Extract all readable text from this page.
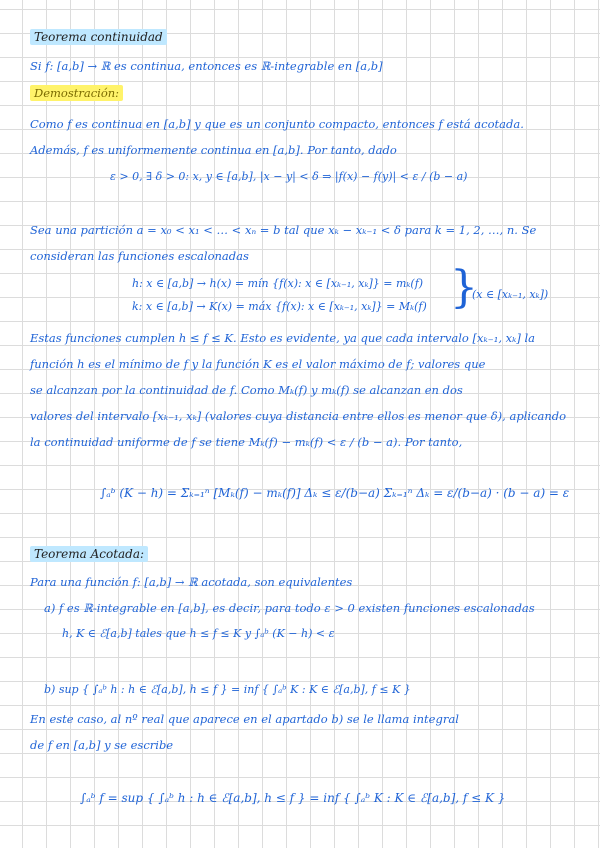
Teorema continuidad
Si f: [a,b] → ℝ es continua, entonces es ℝ-integrable en [a,b]
Demostración:
Como f es continua en [a,b] y que es un conjunto compacto, entonces f está acotada.
Además, f es uniformemente continua en [a,b]. Por tanto, dado
ε > 0, ∃ δ > 0: x, y ∈ [a,b], |x − y| < δ ⇒ |f(x) − f(y)| < ε / (b − a)
Sea una partición a = x₀ < x₁ < … < xₙ = b tal que xₖ − xₖ₋₁ < δ para k = 1, 2, …, n. Se
consideran las funciones escalonadas
h: x ∈ [a,b] → h(x) = mín {f(x): x ∈ [xₖ₋₁, xₖ]} = mₖ(f)
k: x ∈ [a,b] → K(x) = máx {f(x): x ∈ [xₖ₋₁, xₖ]} = Mₖ(f) }
(x ∈ [xₖ₋₁, xₖ])
Estas funciones cumplen h ≤ f ≤ K. Esto es evidente, ya que cada intervalo [xₖ₋₁, xₖ] la
función h es el mínimo de f y la función K es el valor máximo de f; valores que
se alcanzan por la continuidad de f. Como Mₖ(f) y mₖ(f) se alcanzan en dos
valores del intervalo [xₖ₋₁, xₖ] (valores cuya distancia entre ellos es menor que δ), aplicando
la continuidad uniforme de f se tiene Mₖ(f) − mₖ(f) < ε / (b − a). Por tanto,
∫ₐᵇ (K − h) = Σₖ₌₁ⁿ [Mₖ(f) − mₖ(f)] Δₖ ≤ ε/(b−a) Σₖ₌₁ⁿ Δₖ = ε/(b−a) · (b − a) = ε
Teorema Acotada:
Para una función f: [a,b] → ℝ acotada, son equivalentes
a) f es ℝ-integrable en [a,b], es decir, para todo ε > 0 existen funciones escalonadas
h, K ∈ ℰ[a,b] tales que h ≤ f ≤ K y ∫ₐᵇ (K − h) < ε
b) sup { ∫ₐᵇ h : h ∈ ℰ[a,b], h ≤ f } = inf { ∫ₐᵇ K : K ∈ ℰ[a,b], f ≤ K }
En este caso, al nº real que aparece en el apartado b) se le llama integral
de f en [a,b] y se escribe
∫ₐᵇ f = sup { ∫ₐᵇ h : h ∈ ℰ[a,b], h ≤ f } = inf { ∫ₐᵇ K : K ∈ ℰ[a,b], f ≤ K }
